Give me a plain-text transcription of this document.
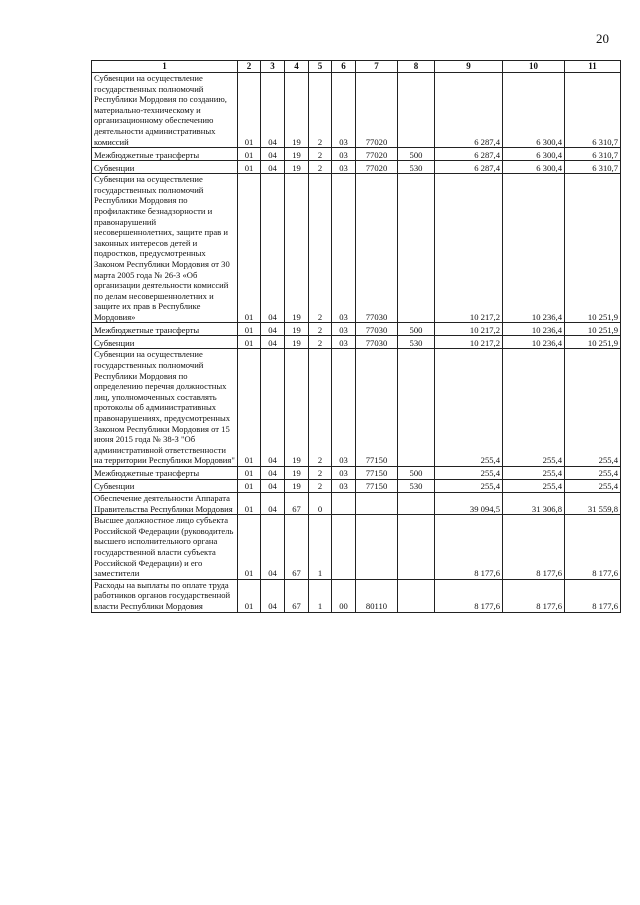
20
1	2	3	4	5	6	7	8	9	10	11
Субвенции на осуществление государственных полномочий Республики Мордовия по созданию, материально-техническому и организационному обеспечению деятельности административных комиссий	01	04	19	2	03	77020		6 287,4	6 300,4	6 310,7
Межбюджетные трансферты	01	04	19	2	03	77020	500	6 287,4	6 300,4	6 310,7
Субвенции	01	04	19	2	03	77020	530	6 287,4	6 300,4	6 310,7
Субвенции на осуществление государственных полномочий Республики Мордовия по профилактике безнадзорности и правонарушений несовершеннолетних, защите прав и законных интересов детей и подростков, предусмотренных Законом Республики Мордовия от 30 марта 2005 года № 26-З «Об организации деятельности комиссий по делам несовершеннолетних и защите их прав в Республике Мордовия»	01	04	19	2	03	77030		10 217,2	10 236,4	10 251,9
Межбюджетные трансферты	01	04	19	2	03	77030	500	10 217,2	10 236,4	10 251,9
Субвенции	01	04	19	2	03	77030	530	10 217,2	10 236,4	10 251,9
Субвенции на осуществление государственных полномочий Республики Мордовия по определению перечня должностных лиц, уполномоченных составлять протоколы об административных правонарушениях, предусмотренных Законом Республики Мордовия от 15 июня 2015 года № 38-З "Об административной ответственности на территории Республики Мордовия"	01	04	19	2	03	77150		255,4	255,4	255,4
Межбюджетные трансферты	01	04	19	2	03	77150	500	255,4	255,4	255,4
Субвенции	01	04	19	2	03	77150	530	255,4	255,4	255,4
Обеспечение деятельности Аппарата Правительства Республики Мордовия	01	04	67	0				39 094,5	31 306,8	31 559,8
Высшее должностное лицо субъекта Российской Федерации (руководитель высшего исполнительного органа государственной власти субъекта Российской Федерации) и его заместители	01	04	67	1				8 177,6	8 177,6	8 177,6
Расходы на выплаты по оплате труда работников органов государственной власти Республики Мордовия	01	04	67	1	00	80110		8 177,6	8 177,6	8 177,6
